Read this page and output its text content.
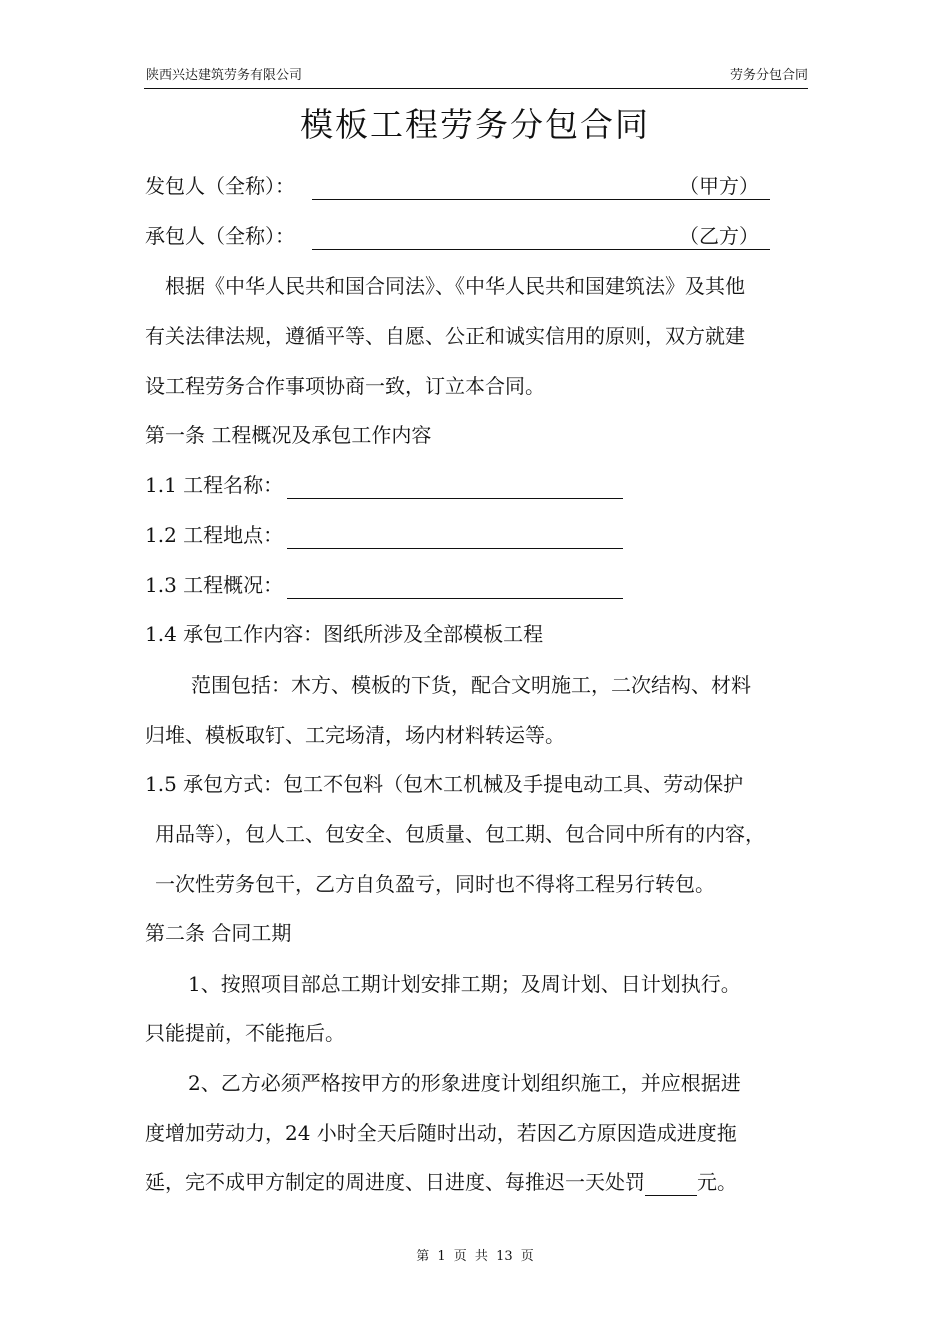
陕西兴达建筑劳务有限公司	劳务分包合同
模板工程劳务分包合同
发包人（全称）：	（甲方）
承包人（全称）：	（乙方）
根据《中华人民共和国合同法》、《中华人民共和国建筑法》及其他
有关法律法规，遵循平等、自愿、公正和诚实信用的原则，双方就建
设工程劳务合作事项协商一致，订立本合同。
第一条 工程概况及承包工作内容
1.1 工程名称：
1.2 工程地点：
1.3 工程概况：
1.4 承包工作内容：图纸所涉及全部模板工程
范围包括：木方、模板的下货，配合文明施工，二次结构、材料
归堆、模板取钉、工完场清，场内材料转运等。
1.5 承包方式：包工不包料（包木工机械及手提电动工具、劳动保护
用品等），包人工、包安全、包质量、包工期、包合同中所有的内容，
一次性劳务包干，乙方自负盈亏，同时也不得将工程另行转包。
第二条 合同工期
1、按照项目部总工期计划安排工期；及周计划、日计划执行。
只能提前，不能拖后。
2、乙方必须严格按甲方的形象进度计划组织施工，并应根据进
度增加劳动力，24 小时全天后随时出动，若因乙方原因造成进度拖
延，完不成甲方制定的周进度、日进度、每推迟一天处罚	元。
第 1 页 共 13 页
